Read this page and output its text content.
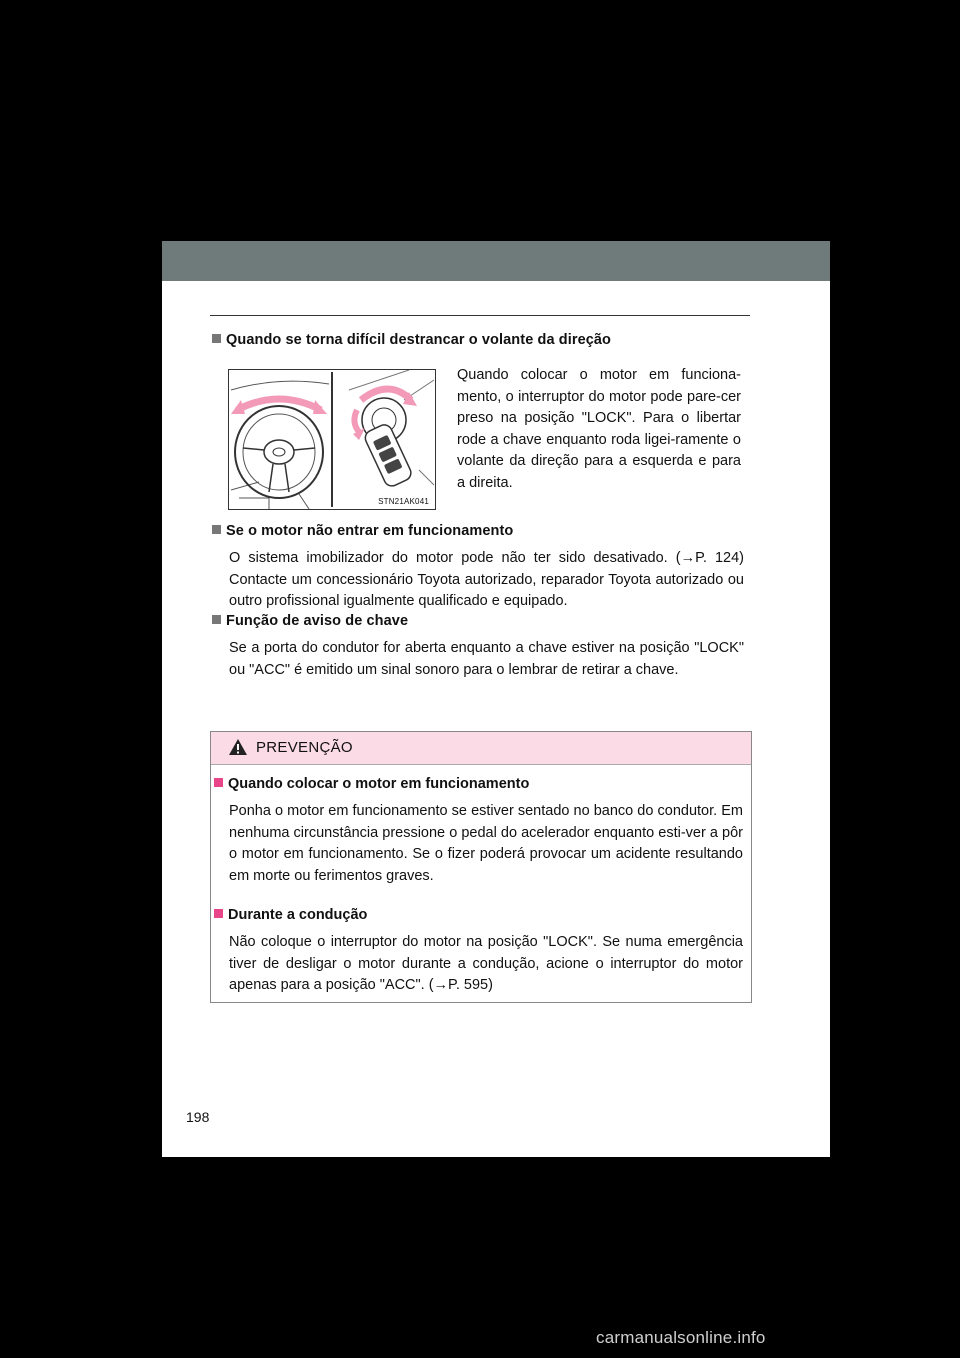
Quando se torna difícil destrancar o volante da direção
STN21AK041
Quando colocar o motor em funciona-mento, o interruptor do motor pode pare-cer preso na posição "LOCK". Para o libertar rode a chave enquanto roda ligei-ramente o volante da direção para a esquerda e para a direita.
Se o motor não entrar em funcionamento
O sistema imobilizador do motor pode não ter sido desativado. (→P. 124) Contacte um concessionário Toyota autorizado, reparador Toyota autorizado ou outro profissional igualmente qualificado e equipado.
Função de aviso de chave
Se a porta do condutor for aberta enquanto a chave estiver na posição "LOCK" ou "ACC" é emitido um sinal sonoro para o lembrar de retirar a chave.
PREVENÇÃO
Quando colocar o motor em funcionamento
Ponha o motor em funcionamento se estiver sentado no banco do condutor. Em nenhuma circunstância pressione o pedal do acelerador enquanto esti-ver a pôr o motor em funcionamento. Se o fizer poderá provocar um acidente resultando em morte ou ferimentos graves.
Durante a condução
Não coloque o interruptor do motor na posição "LOCK". Se numa emergência tiver de desligar o motor durante a condução, acione o interruptor do motor apenas para a posição "ACC". (→P. 595)
198
carmanualsonline.info
